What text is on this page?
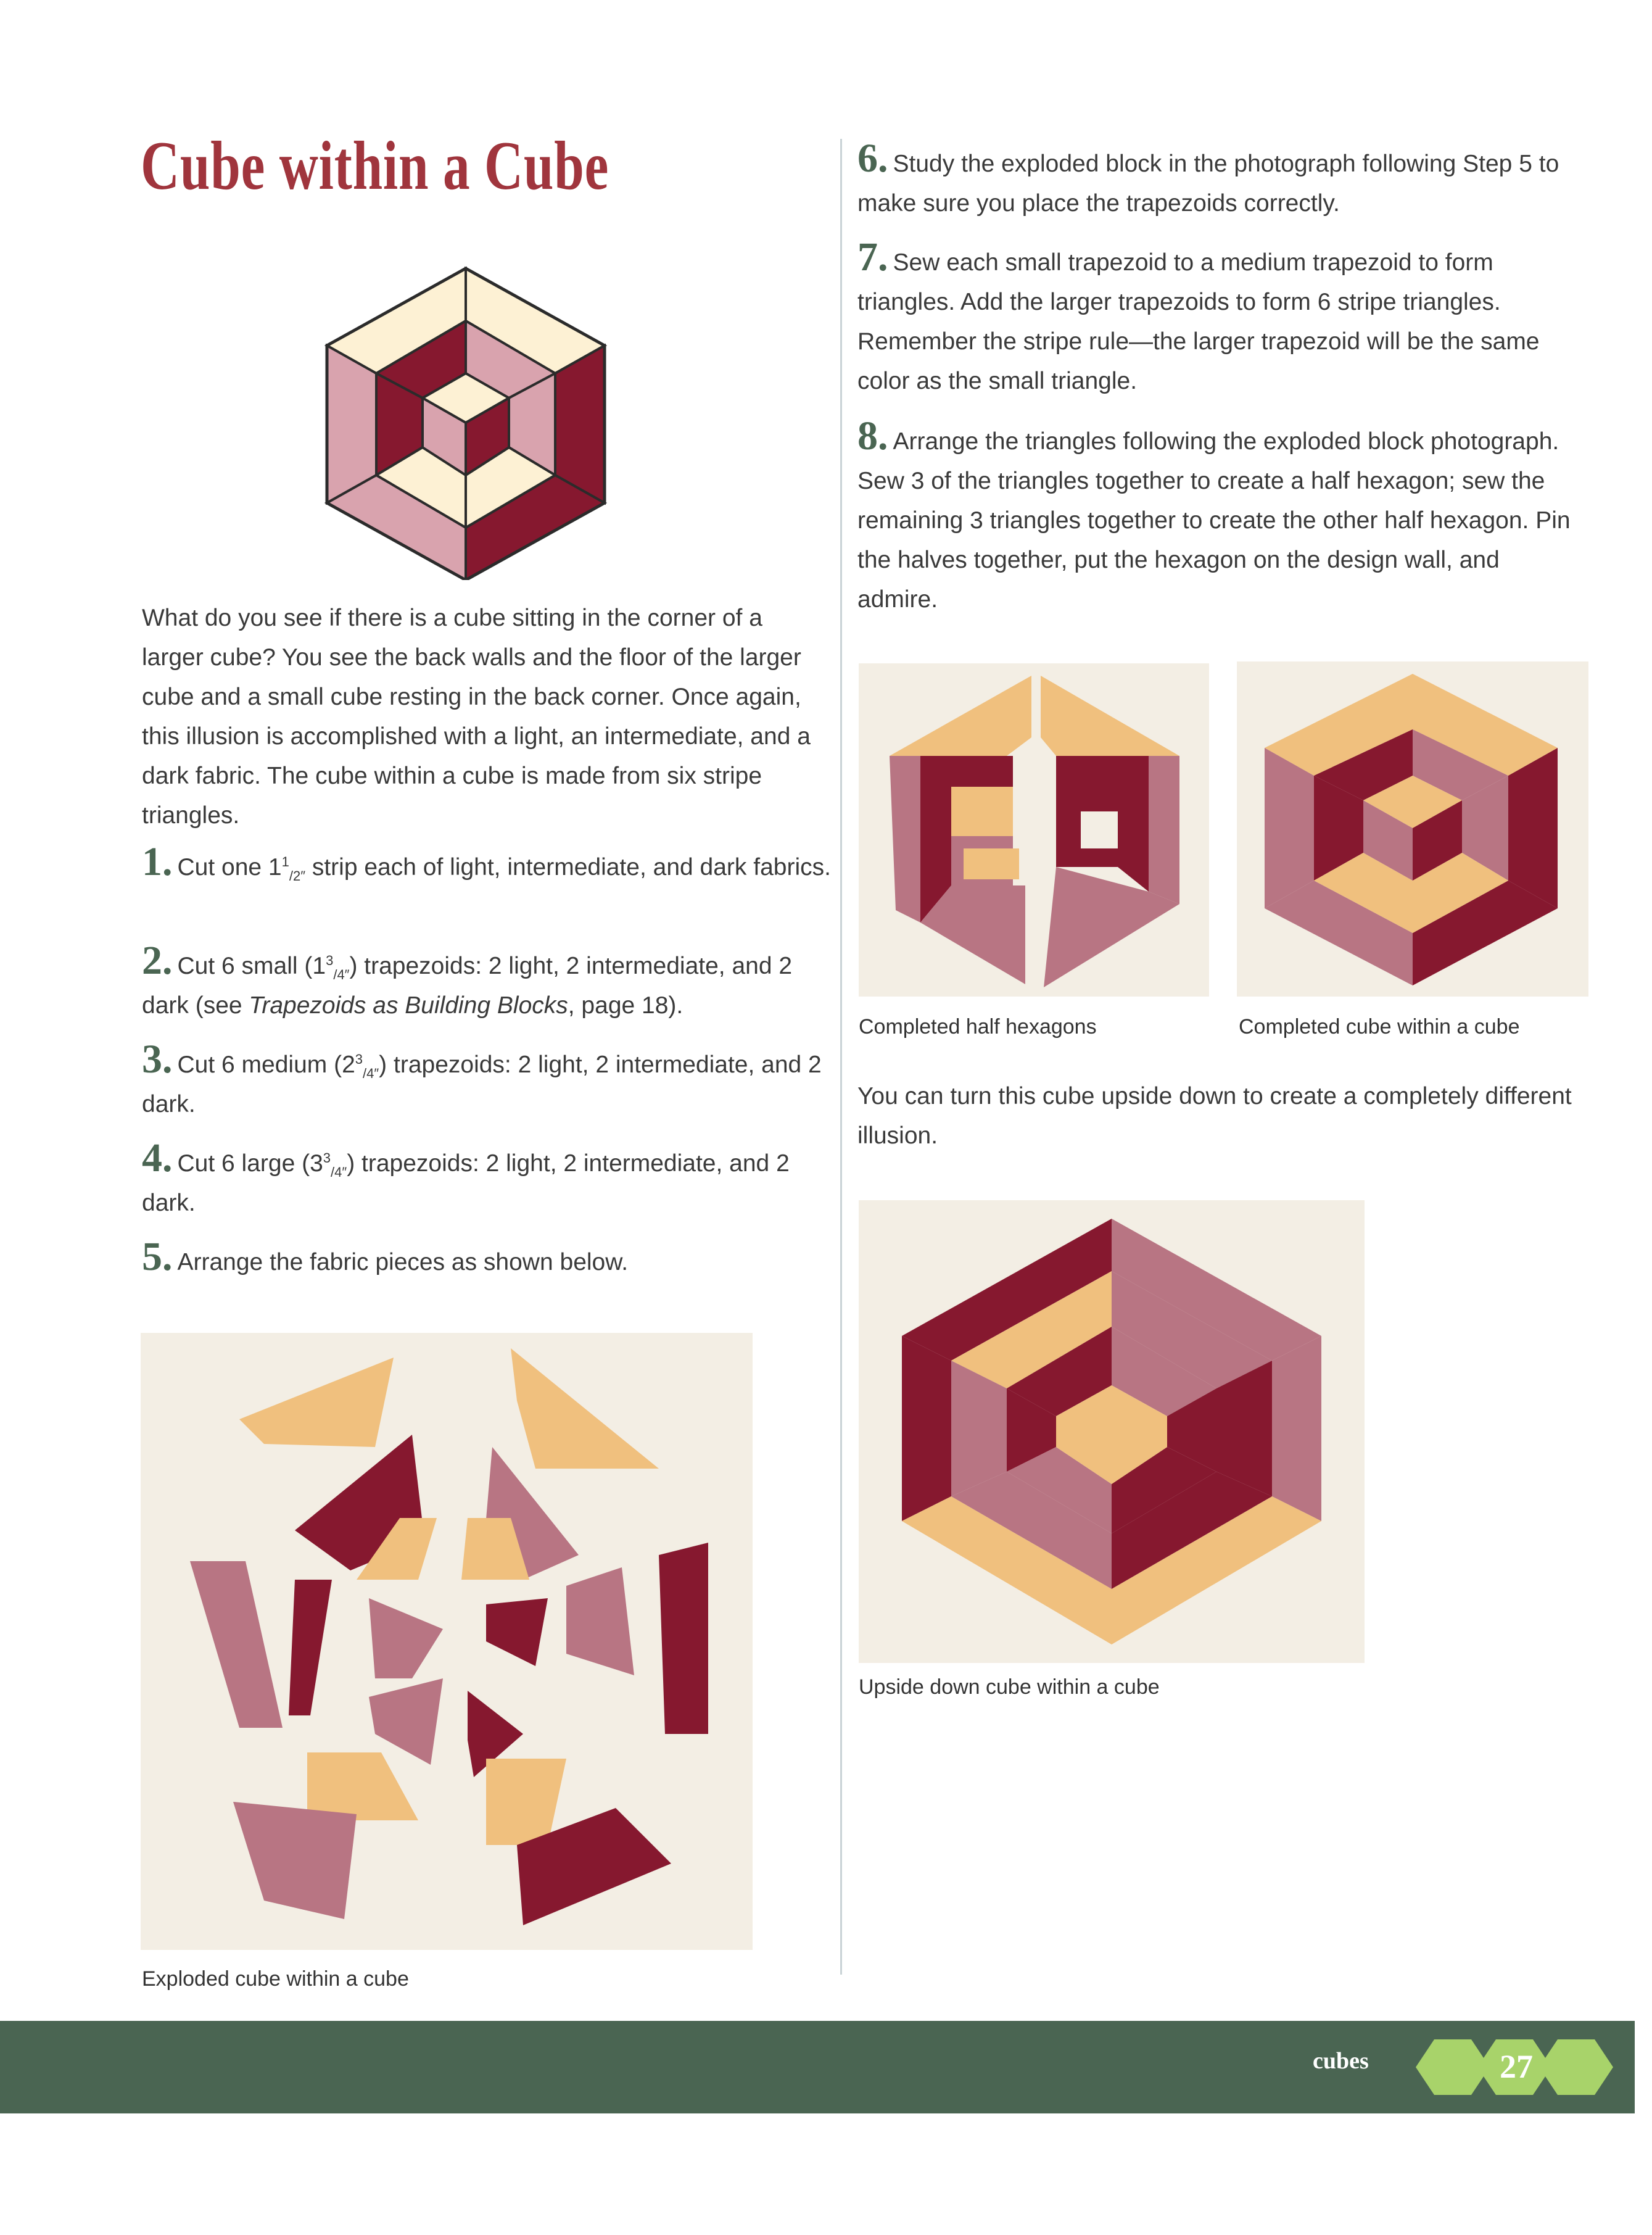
Cube within a Cube

What do you see if there is a cube sitting in the corner of a larger cube? You see the back walls and the floor of the larger cube and a small cube resting in the back corner. Once again, this illusion is accomplished with a light, an intermediate, and a dark fabric. The cube within a cube is made from six stripe triangles.

1. Cut one $1^1_{/2''}$ strip each of light, intermediate, and dark fabrics.
2. Cut 6 small $(1^3_{/4''})$ trapezoids: 2 light, 2 intermediate, and 2 dark (see Trapezoids as Building Blocks, page 18).
3. Cut 6 medium $(2^3_{/4''})$ trapezoids: 2 light, 2 intermediate, and 2 dark.
4. Cut 6 large $(3^3_{/4''})$ trapezoids: 2 light, 2 intermediate, and 2 dark.
5. Arrange the fabric pieces as shown below.
Exploded cube within a cube
6. Study the exploded block in the photograph following Step 5 to make sure you place the trapezoids correctly.
7. Sew each small trapezoid to a medium trapezoid to form triangles. Add the larger trapezoids to form 6 stripe triangles. Remember the stripe rule—the larger trapezoid will be the same color as the small triangle.
8. Arrange the triangles following the exploded block photograph. Sew 3 of the triangles together to create a half hexagon; sew the remaining 3 triangles together to create the other half hexagon. Pin the halves together, put the hexagon on the design wall, and admire.
Completed half hexagons	Completed cube within a cube

You can turn this cube upside down to create a completely different illusion.

Upside down cube within a cube
cubes	27
